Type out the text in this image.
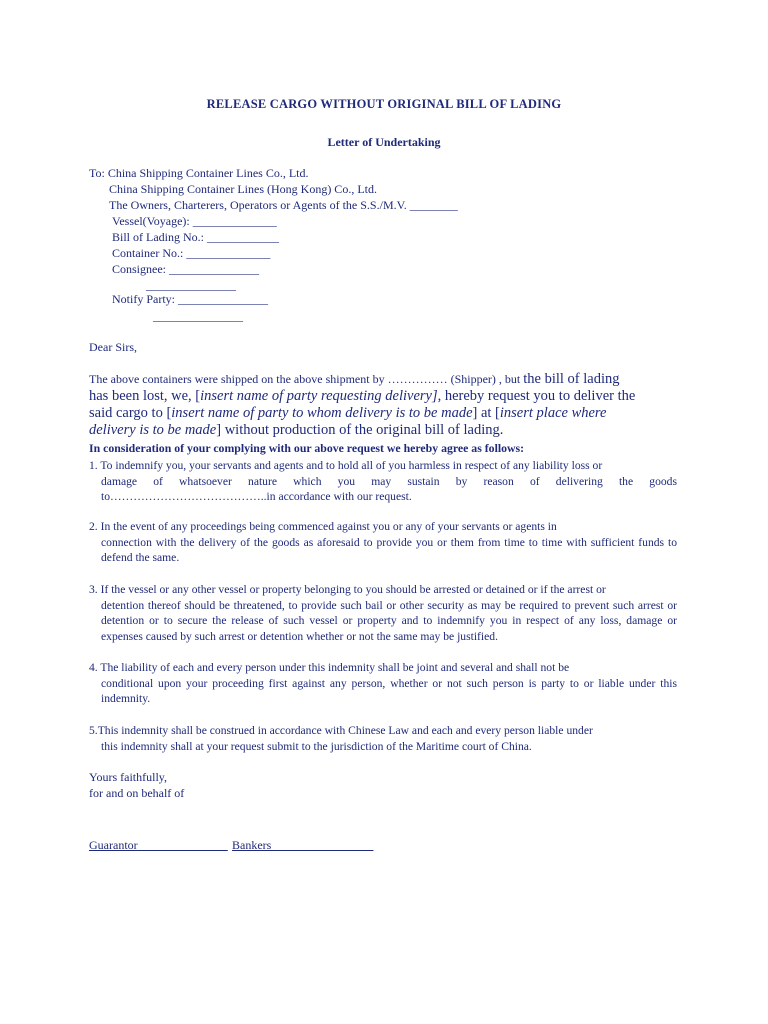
RELEASE CARGO WITHOUT ORIGINAL BILL OF LADING
Letter of Undertaking
To: China Shipping Container Lines Co., Ltd.
China Shipping Container Lines (Hong Kong) Co., Ltd.
The Owners, Charterers, Operators or Agents of the S.S./M.V. ________
Vessel(Voyage): ______________
Bill of Lading No.: ____________
Container No.: ______________
Consignee: _______________
_______________
Notify Party: _______________
_______________
Dear Sirs,
The above containers were shipped on the above shipment by …………… (Shipper) , but the bill of lading
has been lost, we, [insert name of party requesting delivery], hereby request you to deliver the
said cargo to [insert name of party to whom delivery is to be made] at [insert place where
delivery is to be made] without production of the original bill of lading.
In consideration of your complying with our above request we hereby agree as follows:
1. To indemnify you, your servants and agents and to hold all of you harmless in respect of any liability loss or
damage of whatsoever nature which you may sustain by reason of delivering the goods to…………………………………..in accordance with our request.
2. In the event of any proceedings being commenced against you or any of your servants or agents in
connection with the delivery of the goods as aforesaid to provide you or them from time to time with sufficient funds to defend the same.
3. If the vessel or any other vessel or property belonging to you should be arrested or detained or if the arrest or
detention thereof should be threatened, to provide such bail or other security as may be required to prevent such arrest or detention or to secure the release of such vessel or property and to indemnify you in respect of any loss, damage or expenses caused by such arrest or detention whether or not the same may be justified.
4. The liability of each and every person under this indemnity shall be joint and several and shall not be
conditional upon your proceeding first against any person, whether or not such person is party to or liable under this indemnity.
5.This indemnity shall be construed in accordance with Chinese Law and each and every person liable under
this indemnity shall at your request submit to the jurisdiction of the Maritime court of China.
Yours faithfully,
for and on behalf of
Guarantor_______________ Bankers_________________
